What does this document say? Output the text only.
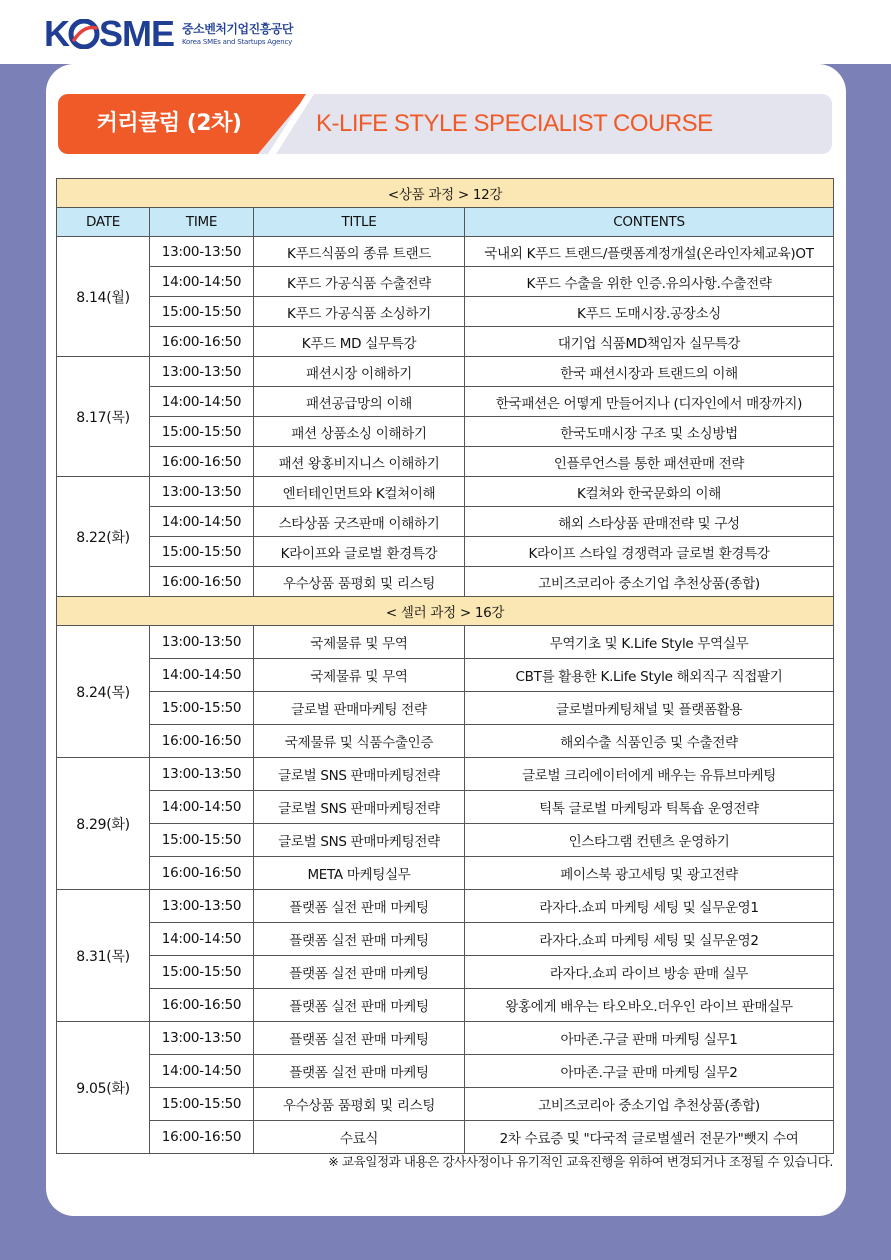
K SME 중소벤처기업진흥공단
Korea SMEs and Startups Agency
커리큘럼 (2차)	K-LIFE STYLE SPECIALIST COURSE
<상품 과정 > 12강			
DATE	TIME	TITLE	CONTENTS
8.14(월)	13:00-13:50	K푸드식품의 종류 트랜드	국내외 K푸드 트랜드/플랫폼계정개설(온라인자체교육)OT
	14:00-14:50	K푸드 가공식품 수출전략	K푸드 수출을 위한 인증.유의사항.수출전략
	15:00-15:50	K푸드 가공식품 소싱하기	K푸드 도매시장.공장소싱
	16:00-16:50	K푸드 MD 실무특강	대기업 식품MD책임자 실무특강
8.17(목)	13:00-13:50	패션시장 이해하기	한국 패션시장과 트랜드의 이해
	14:00-14:50	패션공급망의 이해	한국패션은 어떻게 만들어지나 (디자인에서 매장까지)
	15:00-15:50	패션 상품소싱 이해하기	한국도매시장 구조 및 소싱방법
	16:00-16:50	패션 왕홍비지니스 이해하기	인플루언스를 통한 패션판매 전략
8.22(화)	13:00-13:50	엔터테인먼트와 K컬쳐이해	K컬쳐와 한국문화의 이해
	14:00-14:50	스타상품 굿즈판매 이해하기	해외 스타상품 판매전략 및 구성
	15:00-15:50	K라이프와 글로벌 환경특강	K라이프 스타일 경쟁력과 글로벌 환경특강
	16:00-16:50	우수상품 품평회 및 리스팅	고비즈코리아 중소기업 추천상품(종합)
< 셀러 과정 > 16강			
8.24(목)	13:00-13:50	국제물류 및 무역	무역기초 및 K.Life Style 무역실무
	14:00-14:50	국제물류 및 무역	CBT를 활용한 K.Life Style 해외직구 직접팔기
	15:00-15:50	글로벌 판매마케팅 전략	글로벌마케팅채널 및 플랫폼활용
	16:00-16:50	국제물류 및 식품수출인증	해외수출 식품인증 및 수출전략
8.29(화)	13:00-13:50	글로벌 SNS 판매마케팅전략	글로벌 크리에이터에게 배우는 유튜브마케팅
	14:00-14:50	글로벌 SNS 판매마케팅전략	틱톡 글로벌 마케팅과 틱톡숍 운영전략
	15:00-15:50	글로벌 SNS 판매마케팅전략	인스타그램 컨텐츠 운영하기
	16:00-16:50	META 마케팅실무	페이스북 광고세팅 및 광고전략
8.31(목)	13:00-13:50	플랫폼 실전 판매 마케팅	라자다.쇼피 마케팅 세팅 및 실무운영1
	14:00-14:50	플랫폼 실전 판매 마케팅	라자다.쇼피 마케팅 세팅 및 실무운영2
	15:00-15:50	플랫폼 실전 판매 마케팅	라자다.쇼피 라이브 방송 판매 실무
	16:00-16:50	플랫폼 실전 판매 마케팅	왕홍에게 배우는 타오바오.더우인 라이브 판매실무
9.05(화)	13:00-13:50	플랫폼 실전 판매 마케팅	아마존.구글 판매 마케팅 실무1
	14:00-14:50	플랫폼 실전 판매 마케팅	아마존.구글 판매 마케팅 실무2
	15:00-15:50	우수상품 품평회 및 리스팅	고비즈코리아 중소기업 추천상품(종합)
	16:00-16:50	수료식	2차 수료증 및 "다국적 글로벌셀러 전문가"뺏지 수여
※ 교육일정과 내용은 강사사정이나 유기적인 교육진행을 위하여 변경되거나 조정될 수 있습니다.
